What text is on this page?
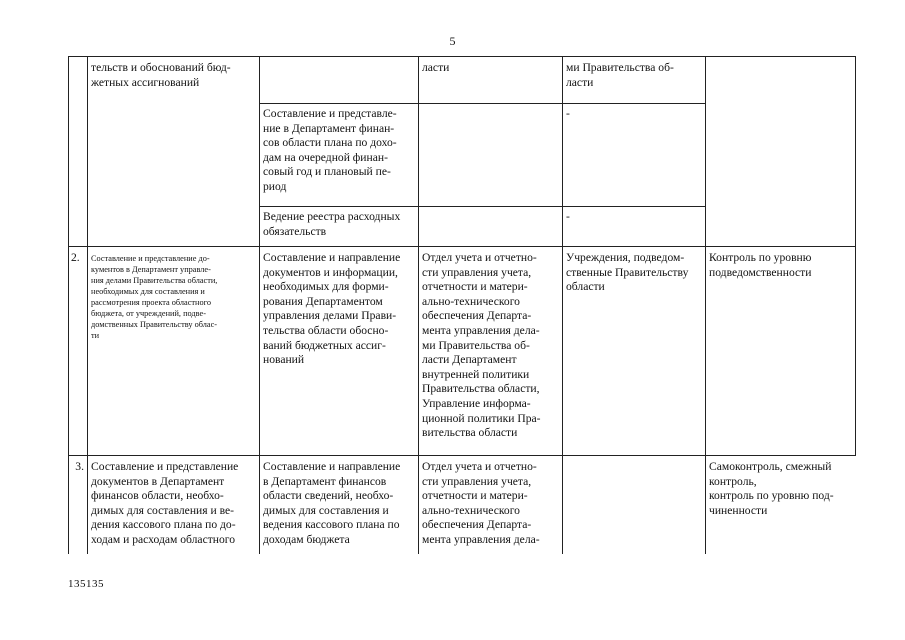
5

тельств и обоснований бюд-
жетных ассигнований

ласти	ми Правительства об-
ласти

Составление и представле-
ние в Департамент финан-
сов области плана по дохо-
дам на очередной финан-
совый год и плановый пе-
риод

-

Ведение реестра расходных
обязательств

-

2.	Составление и представление до-
кументов в Департамент управле-
ния делами Правительства области,
необходимых для составления и
рассмотрения проекта областного
бюджета, от учреждений, подве-
домственных Правительству облас-
ти

Составление и направление
документов и информации,
необходимых для форми-
рования Департаментом
управления делами Прави-
тельства области обосно-
ваний бюджетных ассиг-
нований

Отдел учета и отчетно-
сти управления учета,
отчетности и матери-
ально-технического
обеспечения Департа-
мента управления дела-
ми Правительства об-
ласти Департамент
внутренней политики
Правительства области,
Управление информа-
ционной политики Пра-
вительства области

Учреждения, подведом-
ственные Правительству
области

Контроль по уровню
подведомственности

3. Составление и представление
документов в Департамент
финансов области, необхо-
димых для составления и ве-
дения кассового плана по до-
ходам и расходам областного

Составление и направление
в Департамент финансов
области сведений, необхо-
димых для составления и
ведения кассового плана по
доходам бюджета

Отдел учета и отчетно-
сти управления учета,
отчетности и матери-
ально-технического
обеспечения Департа-
мента управления дела-

Самоконтроль, смежный
контроль,
контроль по уровню под-
чиненности

135135
